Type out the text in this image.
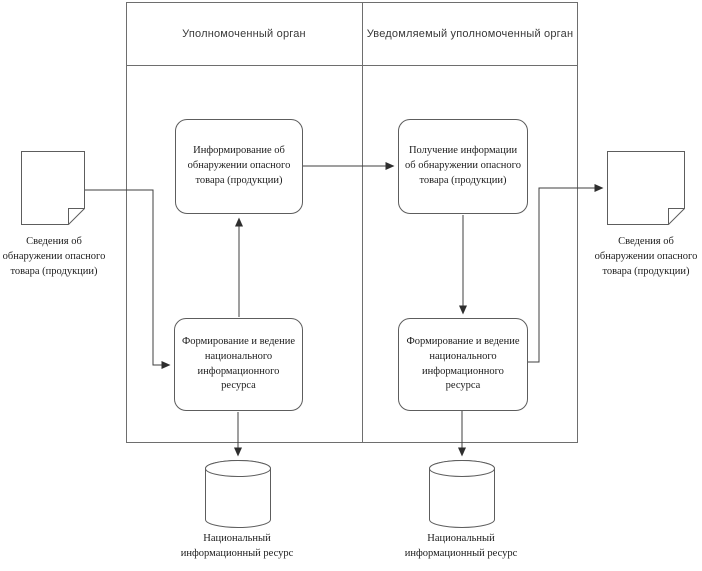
Уполномоченный орган	Уведомляемый уполномоченный орган
Информирование об обнаружении опасного товара (продукции)
Получение информации об обнаружении опасного товара (продукции)
Формирование и ведение национального информационного ресурса
Формирование и ведение национального информационного ресурса
Сведения об обнаружении опасного товара (продукции)
Сведения об обнаружении опасного товара (продукции)
Национальный информационный ресурс
Национальный информационный ресурс
